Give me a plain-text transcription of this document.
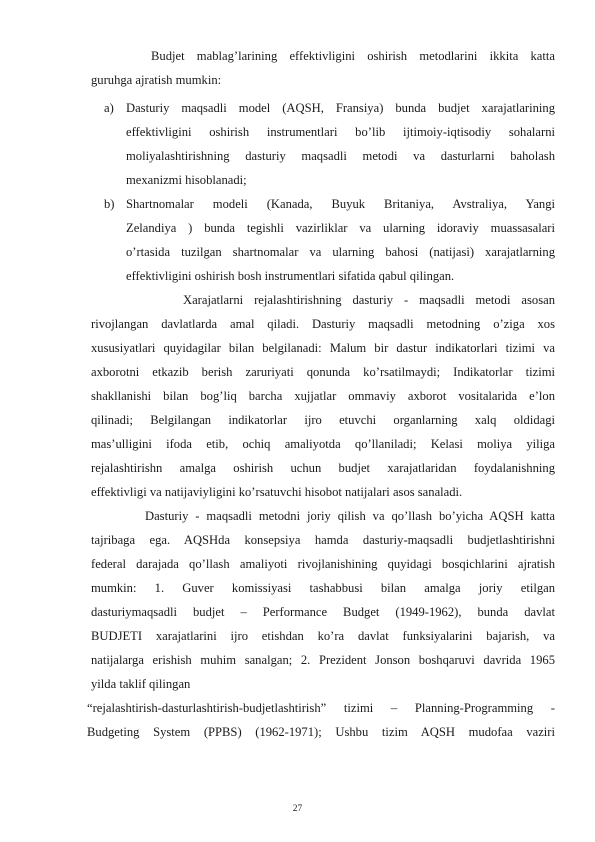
Budjet mablag’larining effektivligini oshirish metodlarini ikkita katta
guruhga ajratish mumkin:
a) Dasturiy maqsadli model (AQSH, Fransiya) bunda budjet xarajatlarining
effektivligini oshirish instrumentlari bo’lib ijtimoiy-iqtisodiy sohalarni
moliyalashtirishning dasturiy maqsadli metodi va dasturlarni baholash
mexanizmi hisoblanadi;
b) Shartnomalar modeli (Kanada, Buyuk Britaniya, Avstraliya, Yangi
Zelandiya ) bunda tegishli vazirliklar va ularning idoraviy muassasalari
o’rtasida tuzilgan shartnomalar va ularning bahosi (natijasi) xarajatlarning
effektivligini oshirish bosh instrumentlari sifatida qabul qilingan.
Xarajatlarni rejalashtirishning dasturiy - maqsadli metodi asosan
rivojlangan davlatlarda amal qiladi. Dasturiy maqsadli metodning o’ziga xos
xususiyatlari quyidagilar bilan belgilanadi: Malum bir dastur indikatorlari tizimi va
axborotni etkazib berish zaruriyati qonunda ko’rsatilmaydi; Indikatorlar tizimi
shakllanishi bilan bog’liq barcha xujjatlar ommaviy axborot vositalarida e’lon
qilinadi; Belgilangan indikatorlar ijro etuvchi organlarning xalq oldidagi
mas’ulligini ifoda etib, ochiq amaliyotda qo’llaniladi; Kelasi moliya yiliga
rejalashtirishn amalga oshirish uchun budjet xarajatlaridan foydalanishning
effektivligi va natijaviyligini ko’rsatuvchi hisobot natijalari asos sanaladi.
Dasturiy - maqsadli metodni joriy qilish va qo’llash bo’yicha AQSH katta
tajribaga ega. AQSHda konsepsiya hamda dasturiy-maqsadli budjetlashtirishni
federal darajada qo’llash amaliyoti rivojlanishining quyidagi bosqichlarini ajratish
mumkin: 1. Guver komissiyasi tashabbusi bilan amalga joriy etilgan
dasturiymaqsadli budjet – Performance Budget (1949-1962), bunda davlat
BUDJETI xarajatlarini ijro etishdan ko’ra davlat funksiyalarini bajarish, va
natijalarga erishish muhim sanalgan; 2. Prezident Jonson boshqaruvi davrida 1965
yilda taklif qilingan
“rejalashtirish-dasturlashtirish-budjetlashtirish” tizimi – Planning-Programming -
Budgeting System (PPBS) (1962-1971); Ushbu tizim AQSH mudofaa vaziri
27
